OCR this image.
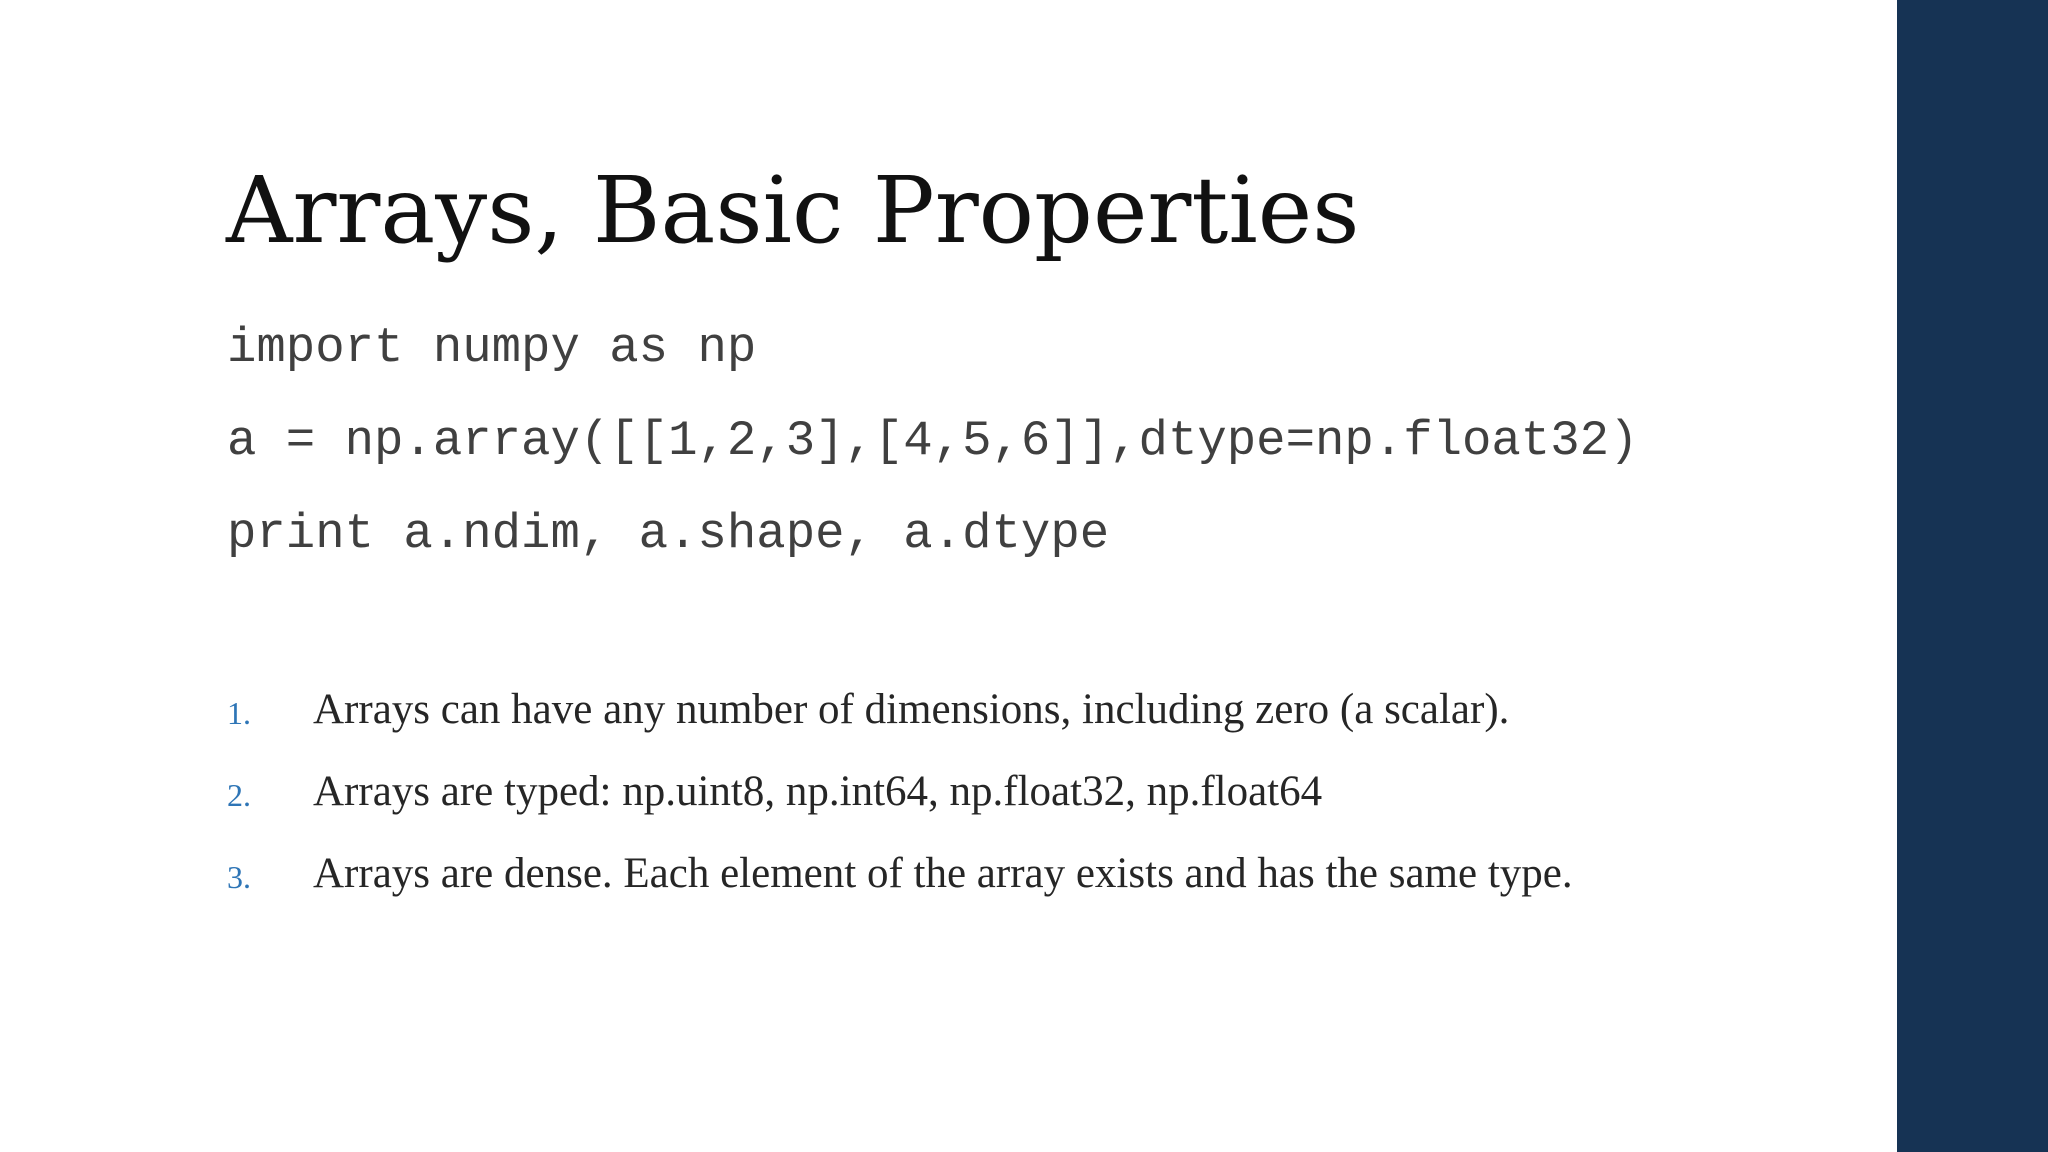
Arrays, Basic Properties
import numpy as np
a = np.array([[1,2,3],[4,5,6]],dtype=np.float32)
print a.ndim, a.shape, a.dtype
1.	Arrays can have any number of dimensions, including zero (a scalar).
2.	Arrays are typed: np.uint8, np.int64, np.float32, np.float64
3.	Arrays are dense. Each element of the array exists and has the same type.
